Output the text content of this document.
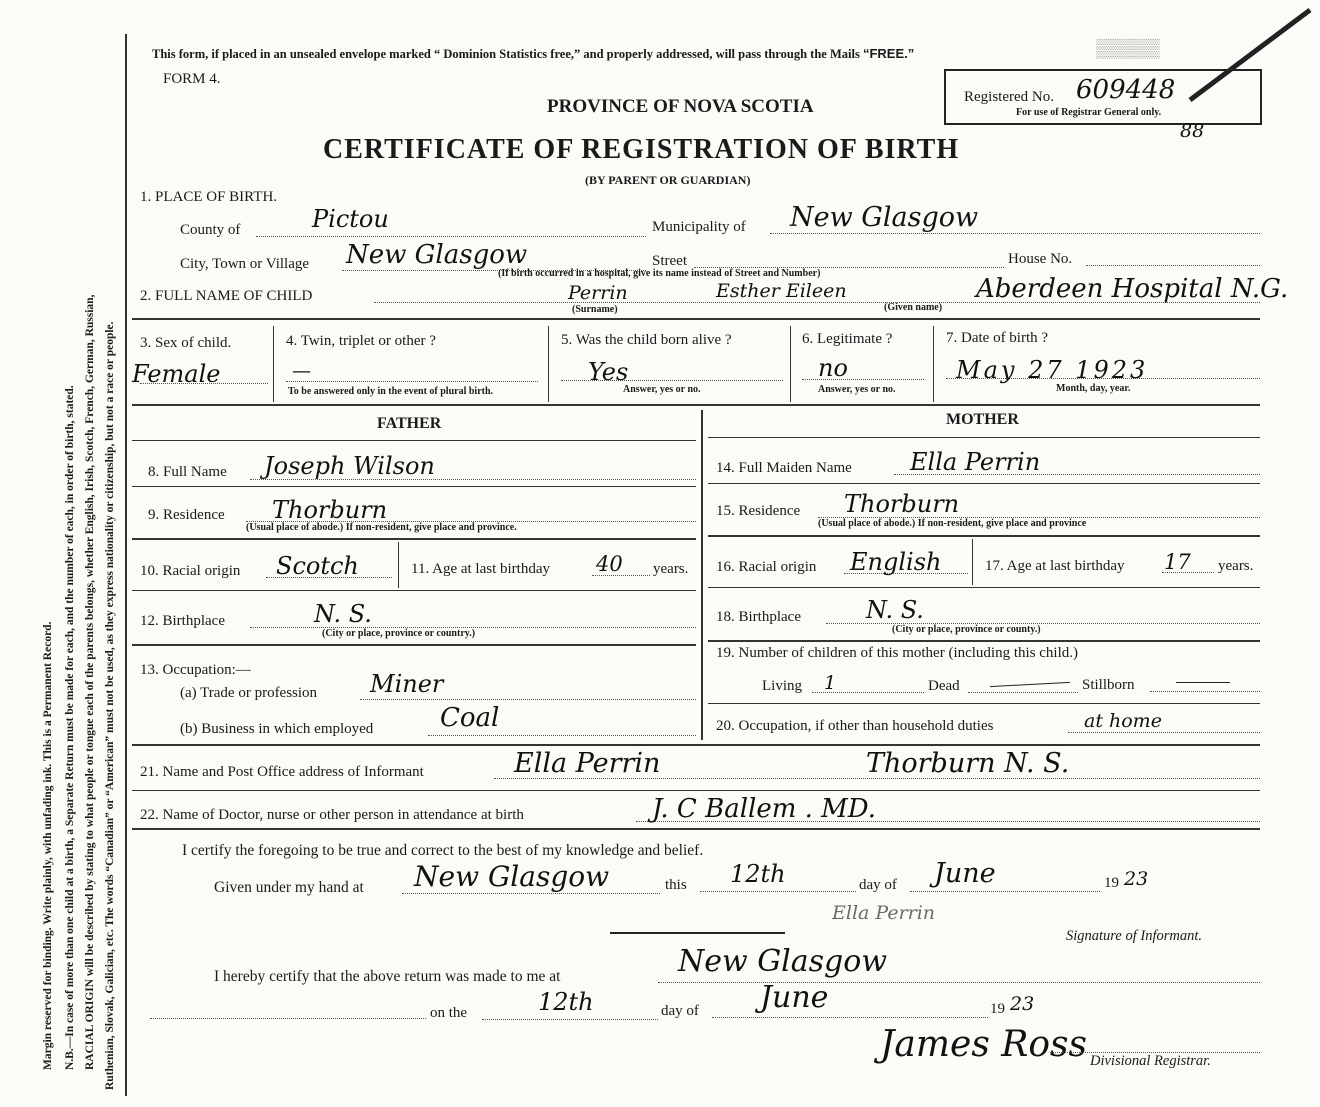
Margin reserved for binding. Write plainly, with unfading ink. This is a Permanent Record. N.B.—In case of more than one child at a birth, a Separate Return must be made for each, and the number of each, in order of birth, stated. RACIAL ORIGIN will be described by stating to what people or tongue each of the parents belongs, whether English, Irish, Scotch, French, German, Russian, Ruthenian, Slovak, Galician, etc. The words “Canadian” or “American” must not be used, as they express nationality or citizenship, but not a race or people.
This form, if placed in an unsealed envelope marked “ Dominion Statistics free,” and properly addressed, will pass through the Mails “FREE.”	▒▒▒▒▒
FORM 4.
PROVINCE OF NOVA SCOTIA
CERTIFICATE OF REGISTRATION OF BIRTH
(BY PARENT OR GUARDIAN)
Registered No. 609448
For use of Registrar General only.
88
1. PLACE OF BIRTH.
County of	Pictou	Municipality of New Glasgow
City, Town or Village New Glasgow	Street	House No.
(If birth occurred in a hospital, give its name instead of Street and Number)
2. FULL NAME OF CHILD	Perrin	Esther Eileen	Aberdeen Hospital N.G.
(Surname)	(Given name)
3. Sex of child.
Female
4. Twin, triplet or other ?
—
To be answered only in the event of plural birth.
5. Was the child born alive ?
Yes
Answer, yes or no.
6. Legitimate ?
no
Answer, yes or no.
7. Date of birth ?
May 27 1923
Month, day, year.
FATHER	MOTHER
8. Full Name Joseph Wilson
9. Residence Thorburn
(Usual place of abode.) If non-resident, give place and province.
10. Racial origin Scotch	11. Age at last birthday 40 years.
12. Birthplace	N. S.
(City or place, province or country.)
13. Occupation:—
(a) Trade or profession Miner
(b) Business in which employed	Coal
14. Full Maiden Name Ella Perrin
15. Residence Thorburn
(Usual place of abode.) If non-resident, give place and province
16. Racial origin English	17. Age at last birthday 17 years.
18. Birthplace	N. S.
(City or place, province or county.)
19. Number of children of this mother (including this child.)
Living 1	Dead	Stillborn
20. Occupation, if other than household duties	at home
21. Name and Post Office address of Informant	Ella Perrin	Thorburn N. S.
22. Name of Doctor, nurse or other person in attendance at birth	J. C Ballem . MD.
I certify the foregoing to be true and correct to the best of my knowledge and belief.
Given under my hand at New Glasgow	this 12th	day of June	19 23
Ella Perrin
Signature of Informant.
I hereby certify that the above return was made to me at	New Glasgow
on the	12th	day of June	19 23
James Ross Divisional Registrar.
